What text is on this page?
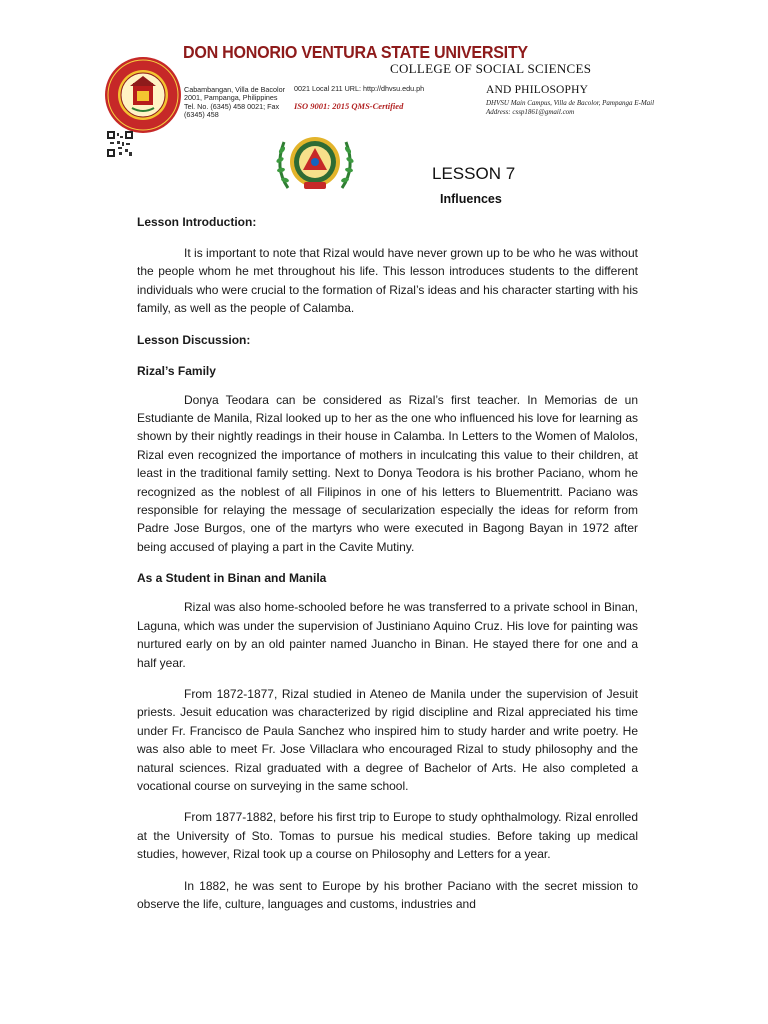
DON HONORIO VENTURA STATE UNIVERSITY
COLLEGE OF SOCIAL SCIENCES
AND PHILOSOPHY
Cabambangan, Villa de Bacolor 2001, Pampanga, Philippines Tel. No. (6345) 458 0021; Fax (6345) 458
0021 Local 211 URL: http://dhvsu.edu.ph
ISO 9001: 2015 QMS-Certified	DHVSU Main Campus, Villa de Bacolor, Pampanga E-Mail Address: cssp1861@gmail.com
LESSON 7
Influences
Lesson Introduction:

It is important to note that Rizal would have never grown up to be who he was without the people whom he met throughout his life. This lesson introduces students to the different individuals who were crucial to the formation of Rizal’s ideas and his character starting with his family, as well as the people of Calamba.

Lesson Discussion:
Rizal’s Family

Donya Teodara can be considered as Rizal’s first teacher. In Memorias de un Estudiante de Manila, Rizal looked up to her as the one who influenced his love for learning as shown by their nightly readings in their house in Calamba. In Letters to the Women of Malolos, Rizal even recognized the importance of mothers in inculcating this value to their children, at least in the traditional family setting. Next to Donya Teodora is his brother Paciano, whom he recognized as the noblest of all Filipinos in one of his letters to Bluementritt. Paciano was responsible for relaying the message of secularization especially the ideas for reform from Padre Jose Burgos, one of the martyrs who were executed in Bagong Bayan in 1972 after being accused of playing a part in the Cavite Mutiny.

As a Student in Binan and Manila

Rizal was also home-schooled before he was transferred to a private school in Binan, Laguna, which was under the supervision of Justiniano Aquino Cruz. His love for painting was nurtured early on by an old painter named Juancho in Binan. He stayed there for one and a half year.

From 1872-1877, Rizal studied in Ateneo de Manila under the supervision of Jesuit priests. Jesuit education was characterized by rigid discipline and Rizal appreciated his time under Fr. Francisco de Paula Sanchez who inspired him to study harder and write poetry. He was also able to meet Fr. Jose Villaclara who encouraged Rizal to study philosophy and the natural sciences. Rizal graduated with a degree of Bachelor of Arts. He also completed a vocational course on surveying in the same school.

From 1877-1882, before his first trip to Europe to study ophthalmology. Rizal enrolled at the University of Sto. Tomas to pursue his medical studies. Before taking up medical studies, however, Rizal took up a course on Philosophy and Letters for a year.

In 1882, he was sent to Europe by his brother Paciano with the secret mission to observe the life, culture, languages and customs, industries and
